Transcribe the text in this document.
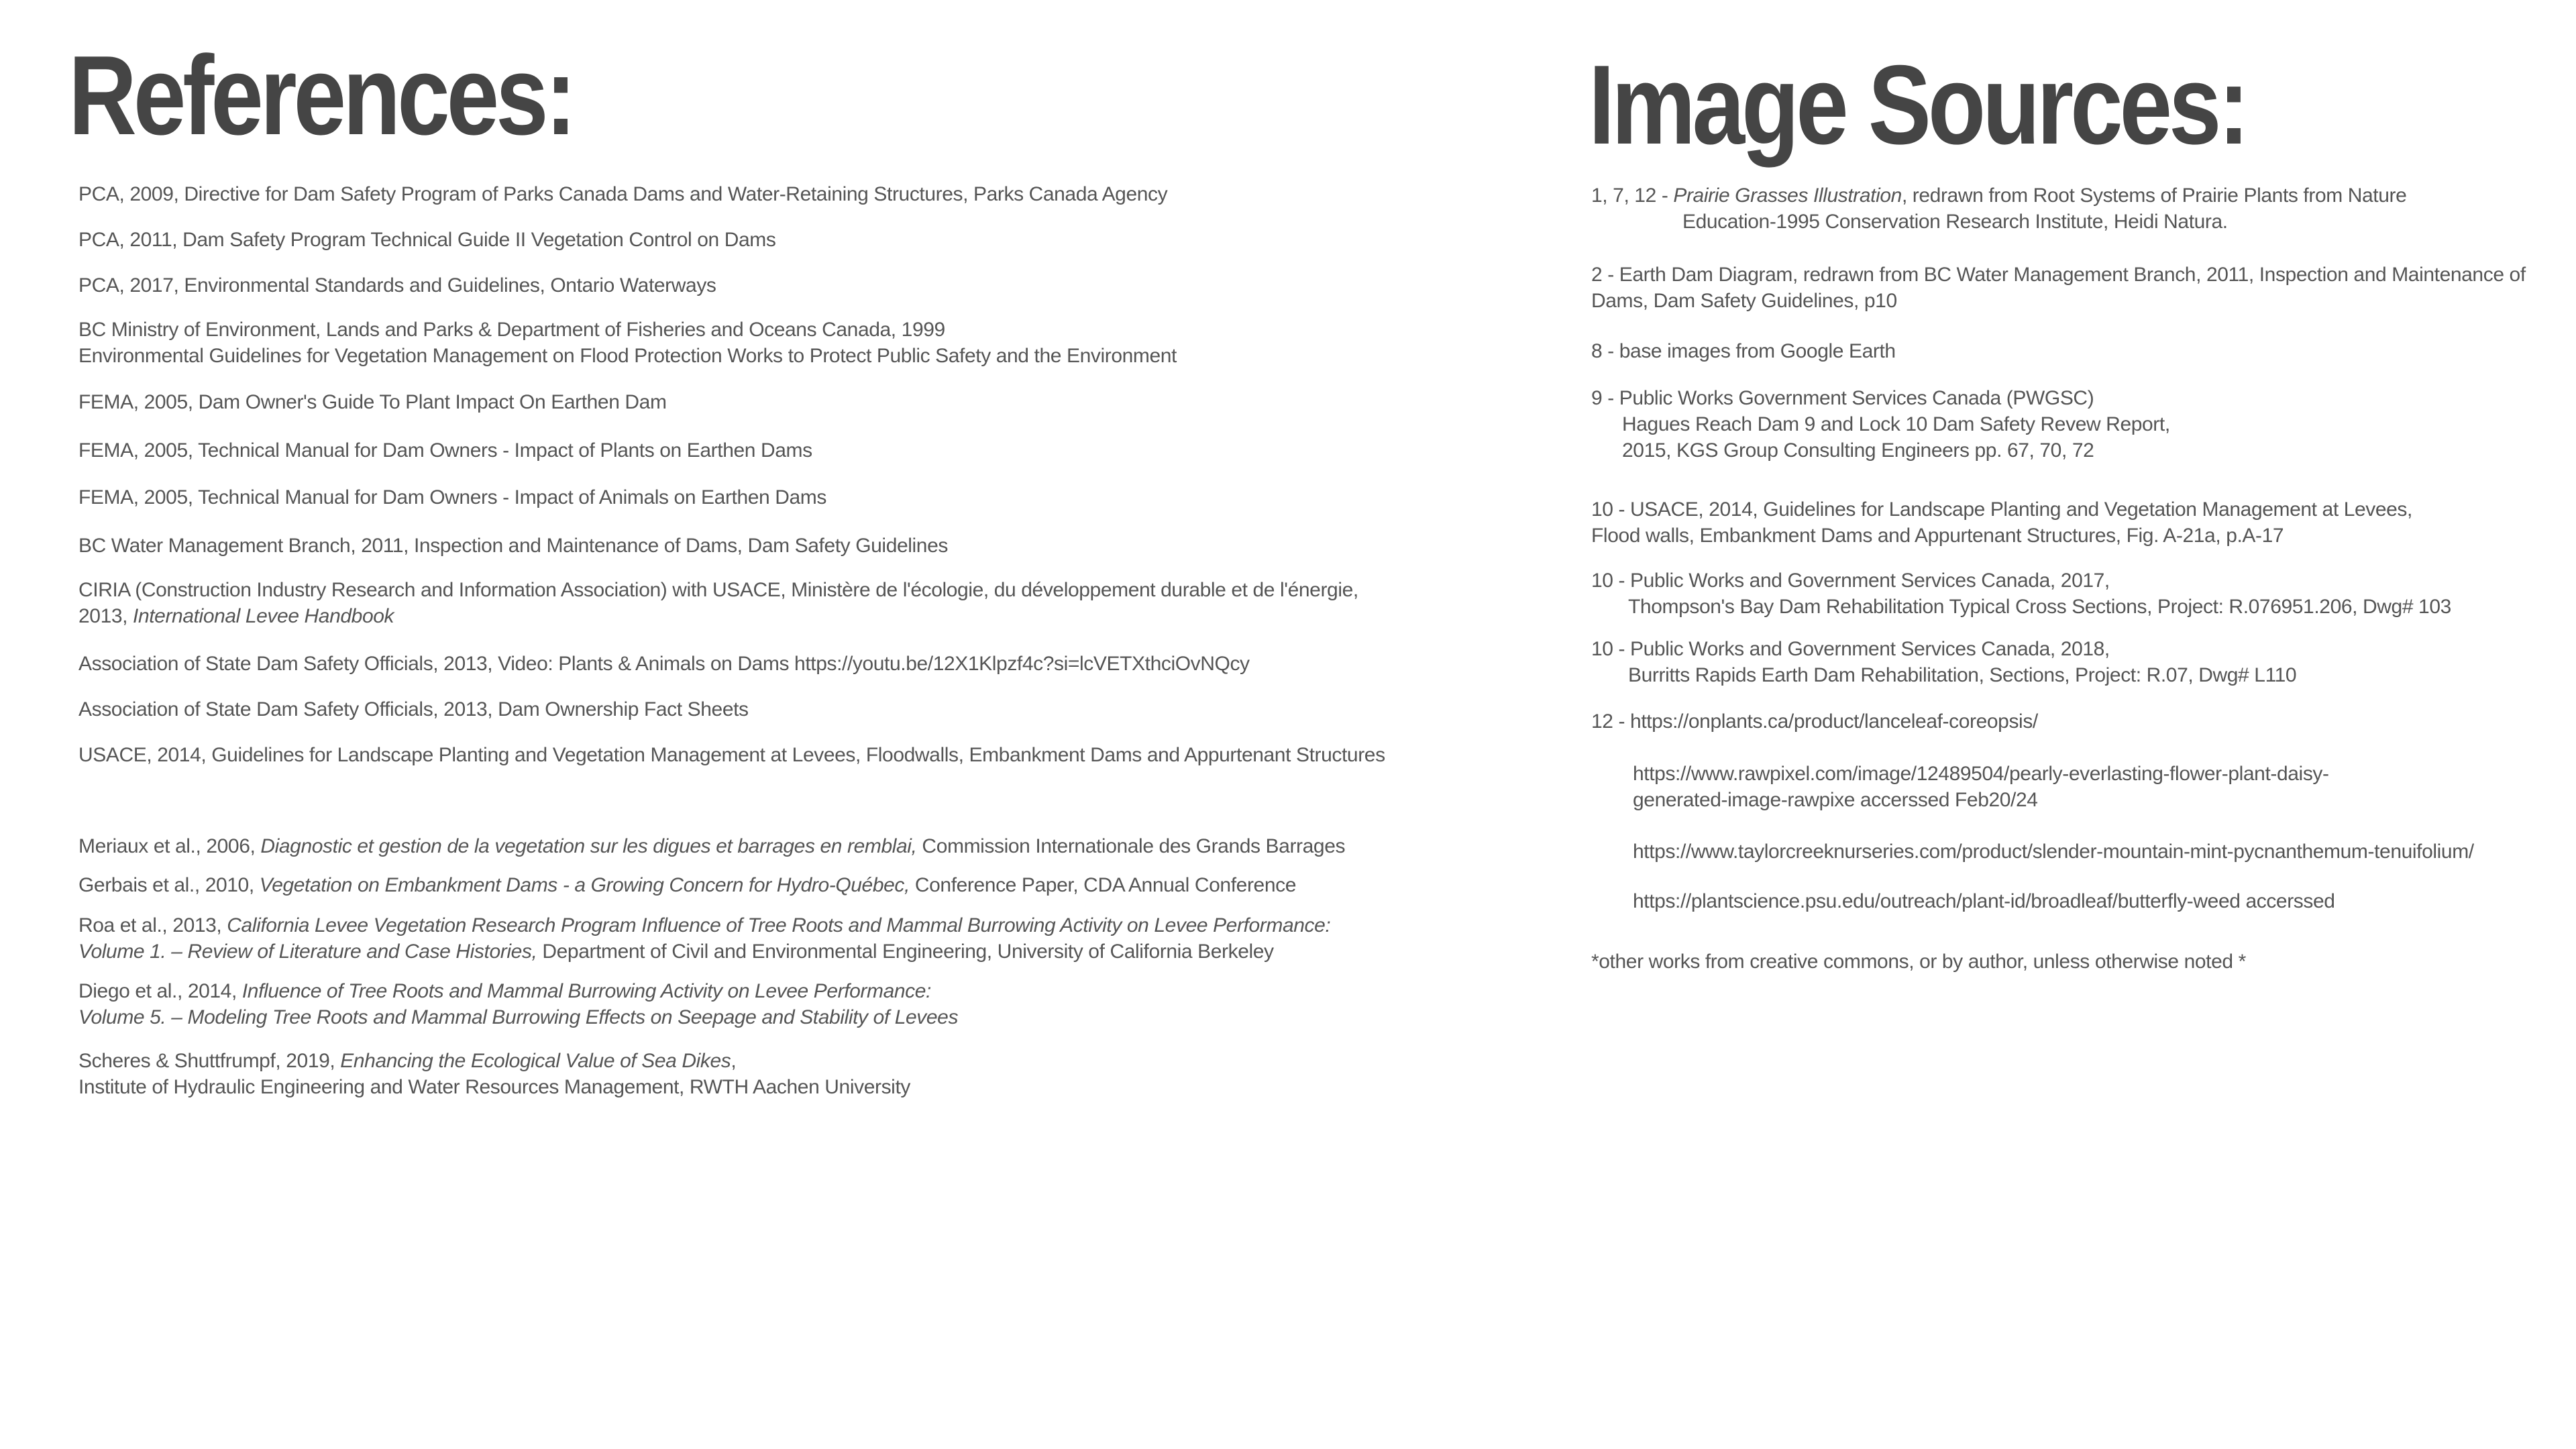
References:
PCA, 2009, Directive for Dam Safety Program of Parks Canada Dams and Water-Retaining Structures, Parks Canada Agency
PCA, 2011, Dam Safety Program Technical Guide II Vegetation Control on Dams
PCA, 2017, Environmental Standards and Guidelines, Ontario Waterways
BC Ministry of Environment, Lands and Parks & Department of Fisheries and Oceans Canada, 1999
Environmental Guidelines for Vegetation Management on Flood Protection Works to Protect Public Safety and the Environment
FEMA, 2005, Dam Owner's Guide To Plant Impact On Earthen Dam
FEMA, 2005, Technical Manual for Dam Owners - Impact of Plants on Earthen Dams
FEMA, 2005, Technical Manual for Dam Owners - Impact of Animals on Earthen Dams
BC Water Management Branch, 2011, Inspection and Maintenance of Dams, Dam Safety Guidelines
CIRIA (Construction Industry Research and Information Association) with USACE, Ministère de l'écologie, du développement durable et de l'énergie,
2013, International Levee Handbook
Association of State Dam Safety Officials, 2013, Video: Plants & Animals on Dams https://youtu.be/12X1Klpzf4c?si=lcVETXthciOvNQcy
Association of State Dam Safety Officials, 2013, Dam Ownership Fact Sheets
USACE, 2014, Guidelines for Landscape Planting and Vegetation Management at Levees, Floodwalls, Embankment Dams and Appurtenant Structures
Meriaux et al., 2006, Diagnostic et gestion de la vegetation sur les digues et barrages en remblai, Commission Internationale des Grands Barrages
Gerbais et al., 2010, Vegetation on Embankment Dams - a Growing Concern for Hydro-Québec, Conference Paper, CDA Annual Conference
Roa et al., 2013, California Levee Vegetation Research Program Influence of Tree Roots and Mammal Burrowing Activity on Levee Performance:
Volume 1. – Review of Literature and Case Histories, Department of Civil and Environmental Engineering, University of California Berkeley
Diego et al., 2014, Influence of Tree Roots and Mammal Burrowing Activity on Levee Performance:
Volume 5. – Modeling Tree Roots and Mammal Burrowing Effects on Seepage and Stability of Levees
Scheres & Shuttfrumpf, 2019, Enhancing the Ecological Value of Sea Dikes,
Institute of Hydraulic Engineering and Water Resources Management, RWTH Aachen University
Image Sources:
1, 7, 12 - Prairie Grasses Illustration, redrawn from Root Systems of Prairie Plants from Nature
Education-1995 Conservation Research Institute, Heidi Natura.
2 - Earth Dam Diagram, redrawn from BC Water Management Branch, 2011, Inspection and Maintenance of
Dams, Dam Safety Guidelines, p10
8 - base images from Google Earth
9 - Public Works Government Services Canada (PWGSC)
Hagues Reach Dam 9 and Lock 10 Dam Safety Revew Report,
2015, KGS Group Consulting Engineers pp. 67, 70, 72
10 - USACE, 2014, Guidelines for Landscape Planting and Vegetation Management at Levees,
Flood walls, Embankment Dams and Appurtenant Structures, Fig. A-21a, p.A-17
10 - Public Works and Government Services Canada, 2017,
Thompson's Bay Dam Rehabilitation Typical Cross Sections, Project: R.076951.206, Dwg# 103
10 - Public Works and Government Services Canada, 2018,
Burritts Rapids Earth Dam Rehabilitation, Sections, Project: R.07, Dwg# L110
12 - https://onplants.ca/product/lanceleaf-coreopsis/
https://www.rawpixel.com/image/12489504/pearly-everlasting-flower-plant-daisy-
generated-image-rawpixe accerssed Feb20/24
https://www.taylorcreeknurseries.com/product/slender-mountain-mint-pycnanthemum-tenuifolium/
https://plantscience.psu.edu/outreach/plant-id/broadleaf/butterfly-weed accerssed
*other works from creative commons, or by author, unless otherwise noted *
